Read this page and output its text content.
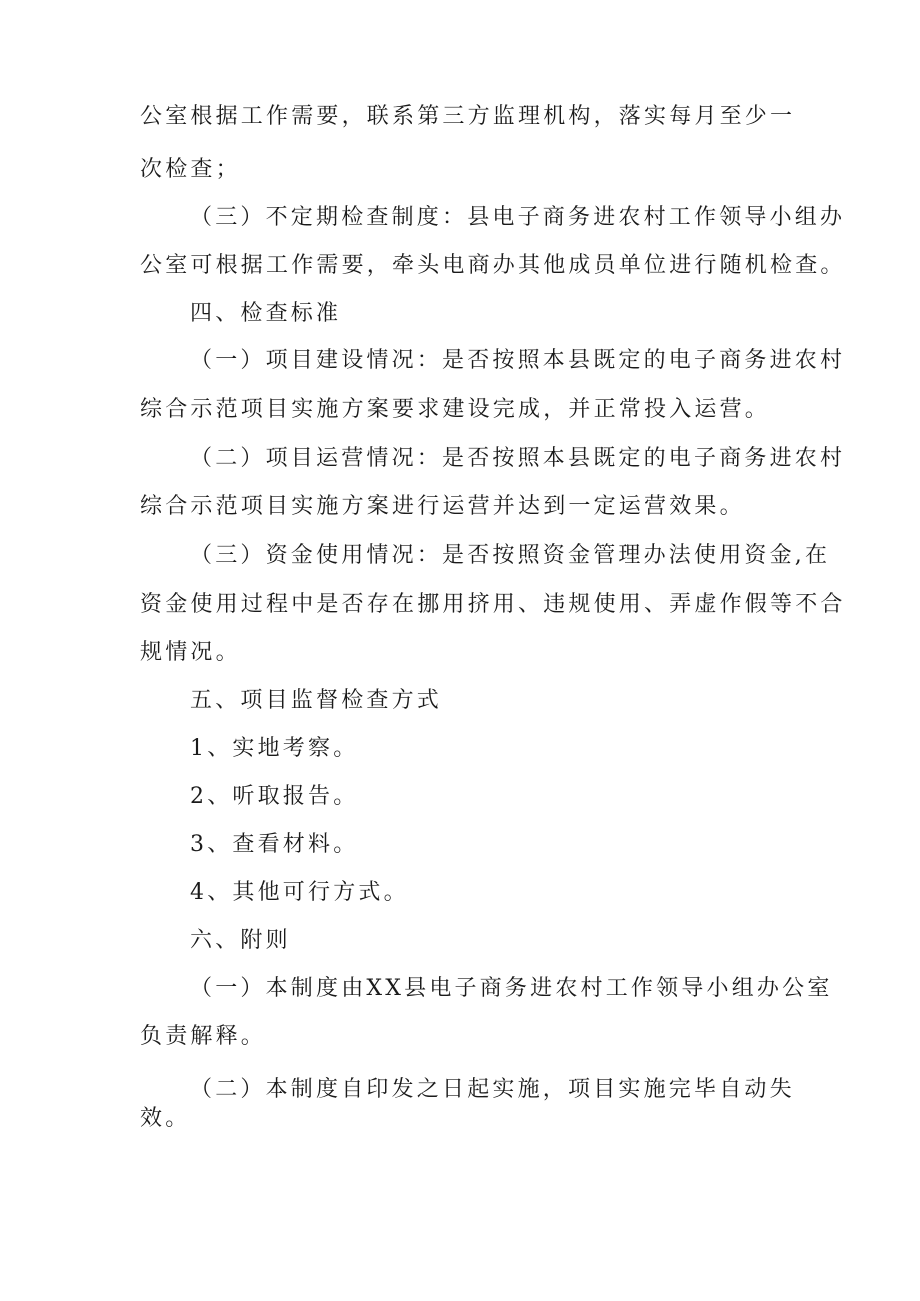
公室根据工作需要，联系第三方监理机构，落实每月至少一
次检查；
（三）不定期检查制度：县电子商务进农村工作领导小组办
公室可根据工作需要，牵头电商办其他成员单位进行随机检查。
四、检查标准
（一）项目建设情况：是否按照本县既定的电子商务进农村
综合示范项目实施方案要求建设完成，并正常投入运营。
（二）项目运营情况：是否按照本县既定的电子商务进农村
综合示范项目实施方案进行运营并达到一定运营效果。
（三）资金使用情况：是否按照资金管理办法使用资金,在
资金使用过程中是否存在挪用挤用、违规使用、弄虚作假等不合
规情况。
五、项目监督检查方式
1、实地考察。
2、听取报告。
3、查看材料。
4、其他可行方式。
六、附则
（一）本制度由XX县电子商务进农村工作领导小组办公室
负责解释。
（二）本制度自印发之日起实施，项目实施完毕自动失
效。
